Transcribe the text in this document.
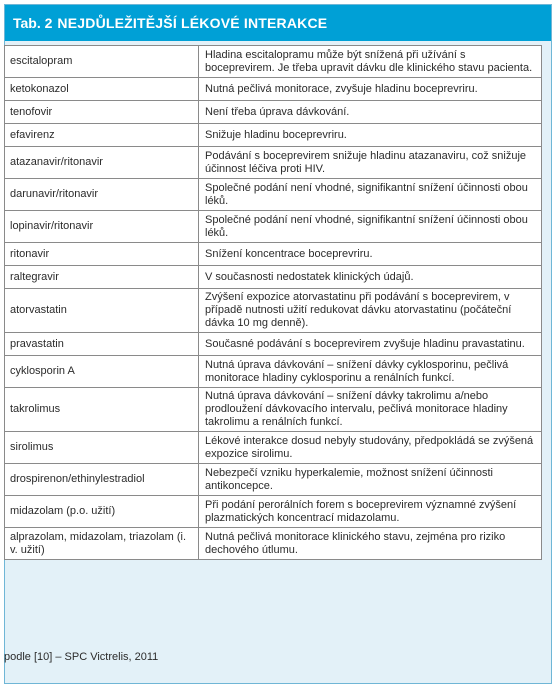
Tab. 2 NEJDŮLEŽITĚJŠÍ LÉKOVÉ INTERAKCE
escitalopram	Hladina escitalopramu může být snížená při užívání s boceprevirem. Je třeba upravit dávku dle klinického stavu pacienta.
ketokonazol	Nutná pečlivá monitorace, zvyšuje hladinu boceprevriru.
tenofovir	Není třeba úprava dávkování.
efavirenz	Snižuje hladinu boceprevriru.
atazanavir/ritonavir	Podávání s boceprevirem snižuje hladinu atazanaviru, což snižuje účinnost léčiva proti HIV.
darunavir/ritonavir	Společné podání není vhodné, signifikantní snížení účinnosti obou léků.
lopinavir/ritonavir	Společné podání není vhodné, signifikantní snížení účinnosti obou léků.
ritonavir	Snížení koncentrace boceprevriru.
raltegravir	V současnosti nedostatek klinických údajů.
atorvastatin	Zvýšení expozice atorvastatinu při podávání s boceprevirem, v případě nutnosti užití redukovat dávku atorvastatinu (počáteční dávka 10 mg denně).
pravastatin	Současné podávání s boceprevirem zvyšuje hladinu pravastatinu.
cyklosporin A	Nutná úprava dávkování – snížení dávky cyklosporinu, pečlivá monitorace hladiny cyklosporinu a renálních funkcí.
takrolimus	Nutná úprava dávkování – snížení dávky takrolimu a/nebo prodloužení dávkovacího intervalu, pečlivá monitorace hladiny takrolimu a renálních funkcí.
sirolimus	Lékové interakce dosud nebyly studovány, předpokládá se zvýšená expozice sirolimu.
drospirenon/ethinylestradiol	Nebezpečí vzniku hyperkalemie, možnost snížení účinnosti antikoncepce.
midazolam (p.o. užití)	Při podání perorálních forem s boceprevirem významné zvýšení plazmatických koncentrací midazolamu.
alprazolam, midazolam, triazolam (i. v. užití)	Nutná pečlivá monitorace klinického stavu, zejména pro riziko dechového útlumu.
podle [10] – SPC Victrelis, 2011
